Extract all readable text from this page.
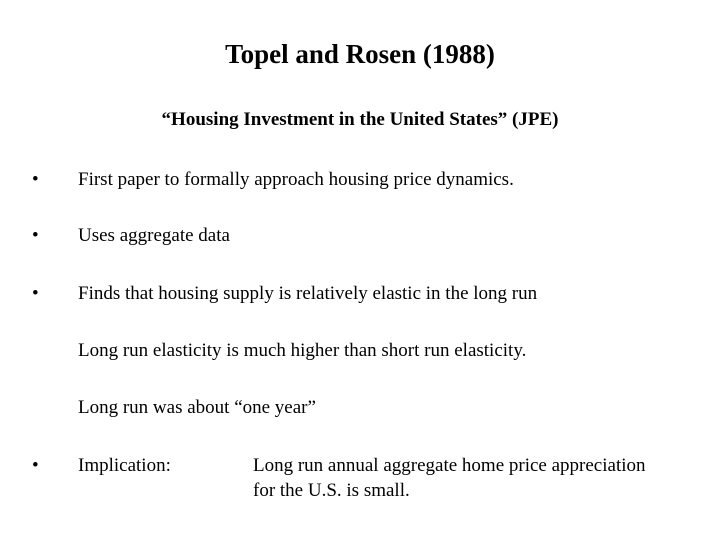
Topel and Rosen (1988)
“Housing Investment in the United States” (JPE)
• First paper to formally approach housing price dynamics.
• Uses aggregate data
• Finds that housing supply is relatively elastic in the long run
Long run elasticity is much higher than short run elasticity.
Long run was about “one year”
• Implication:	Long run annual aggregate home price appreciation
for the U.S. is small.
